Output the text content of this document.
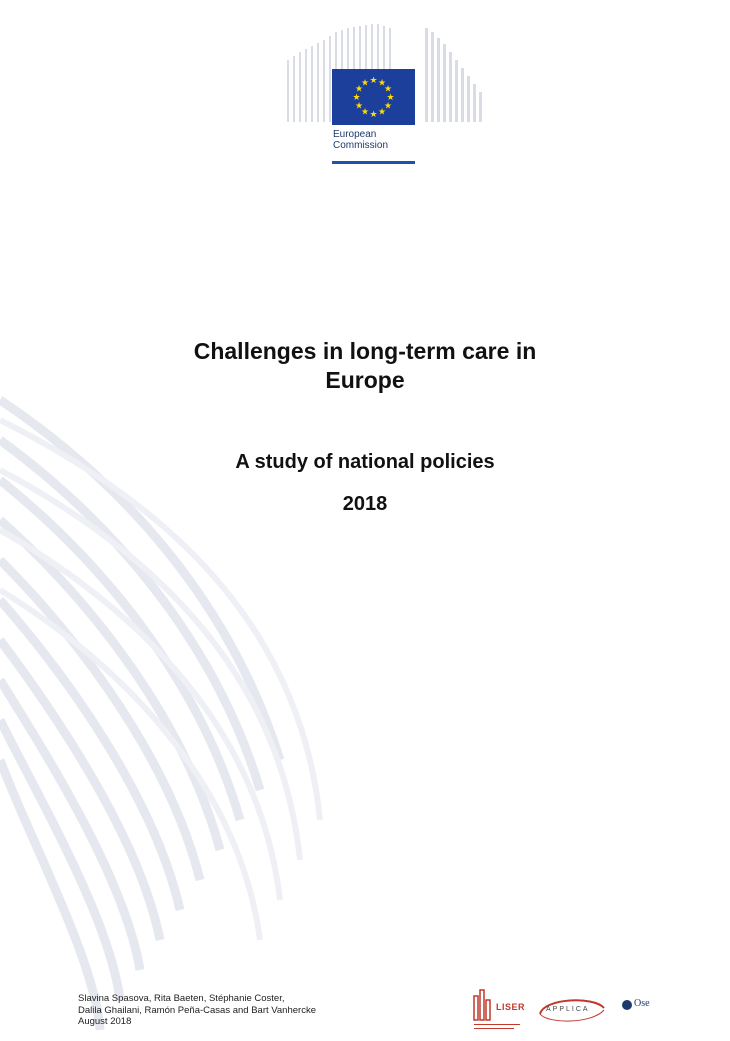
★ ★
★
★
★
★
★
★
★
★
★
★
European
Commission
Challenges in long-term care in
Europe
A study of national policies
2018
Slavina Spasova, Rita Baeten, Stéphanie Coster,
Dalila Ghailani, Ramón Peña-Casas and Bart Vanhercke
August 2018
LISER	APPLICA
Ose
